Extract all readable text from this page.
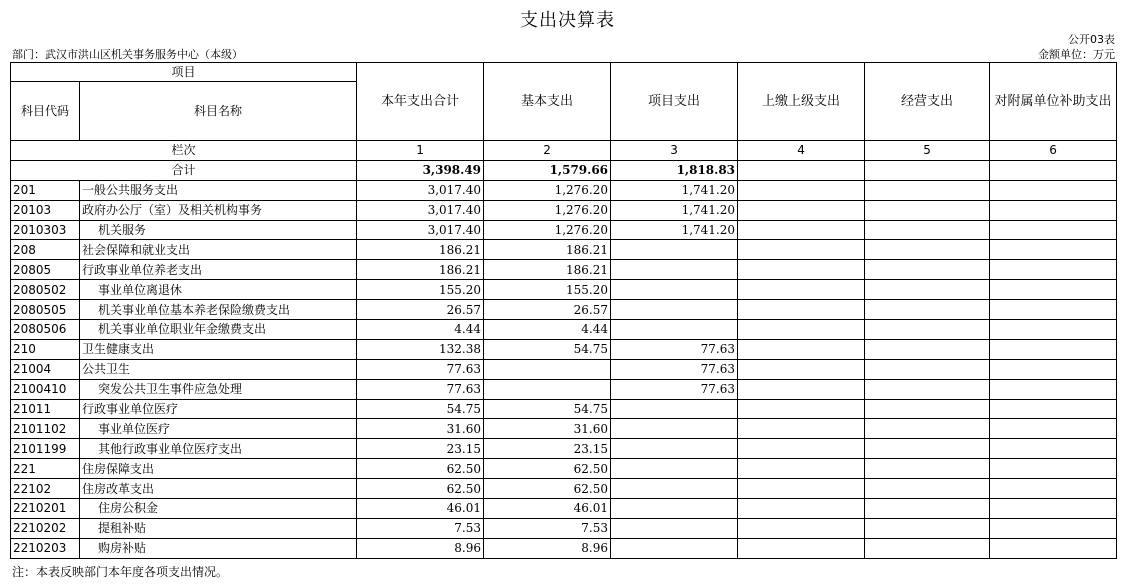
支出决算表
公开03表
部门：武汉市洪山区机关事务服务中心（本级）	金额单位：万元
项目		本年支出合计	基本支出	项目支出	上缴上级支出	经营支出	对附属单位补助支出
科目代码	科目名称						
栏次		1	2	3	4	5	6
合计		3,398.49	1,579.66	1,818.83			
201	一般公共服务支出	3,017.40	1,276.20	1,741.20			
20103	政府办公厅（室）及相关机构事务	3,017.40	1,276.20	1,741.20			
2010303	机关服务	3,017.40	1,276.20	1,741.20			
208	社会保障和就业支出	186.21	186.21				
20805	行政事业单位养老支出	186.21	186.21				
2080502	事业单位离退休	155.20	155.20				
2080505	机关事业单位基本养老保险缴费支出	26.57	26.57				
2080506	机关事业单位职业年金缴费支出	4.44	4.44				
210	卫生健康支出	132.38	54.75	77.63			
21004	公共卫生	77.63		77.63			
2100410	突发公共卫生事件应急处理	77.63		77.63			
21011	行政事业单位医疗	54.75	54.75				
2101102	事业单位医疗	31.60	31.60				
2101199	其他行政事业单位医疗支出	23.15	23.15				
221	住房保障支出	62.50	62.50				
22102	住房改革支出	62.50	62.50				
2210201	住房公积金	46.01	46.01				
2210202	提租补贴	7.53	7.53				
2210203	购房补贴	8.96	8.96				
注：本表反映部门本年度各项支出情况。
